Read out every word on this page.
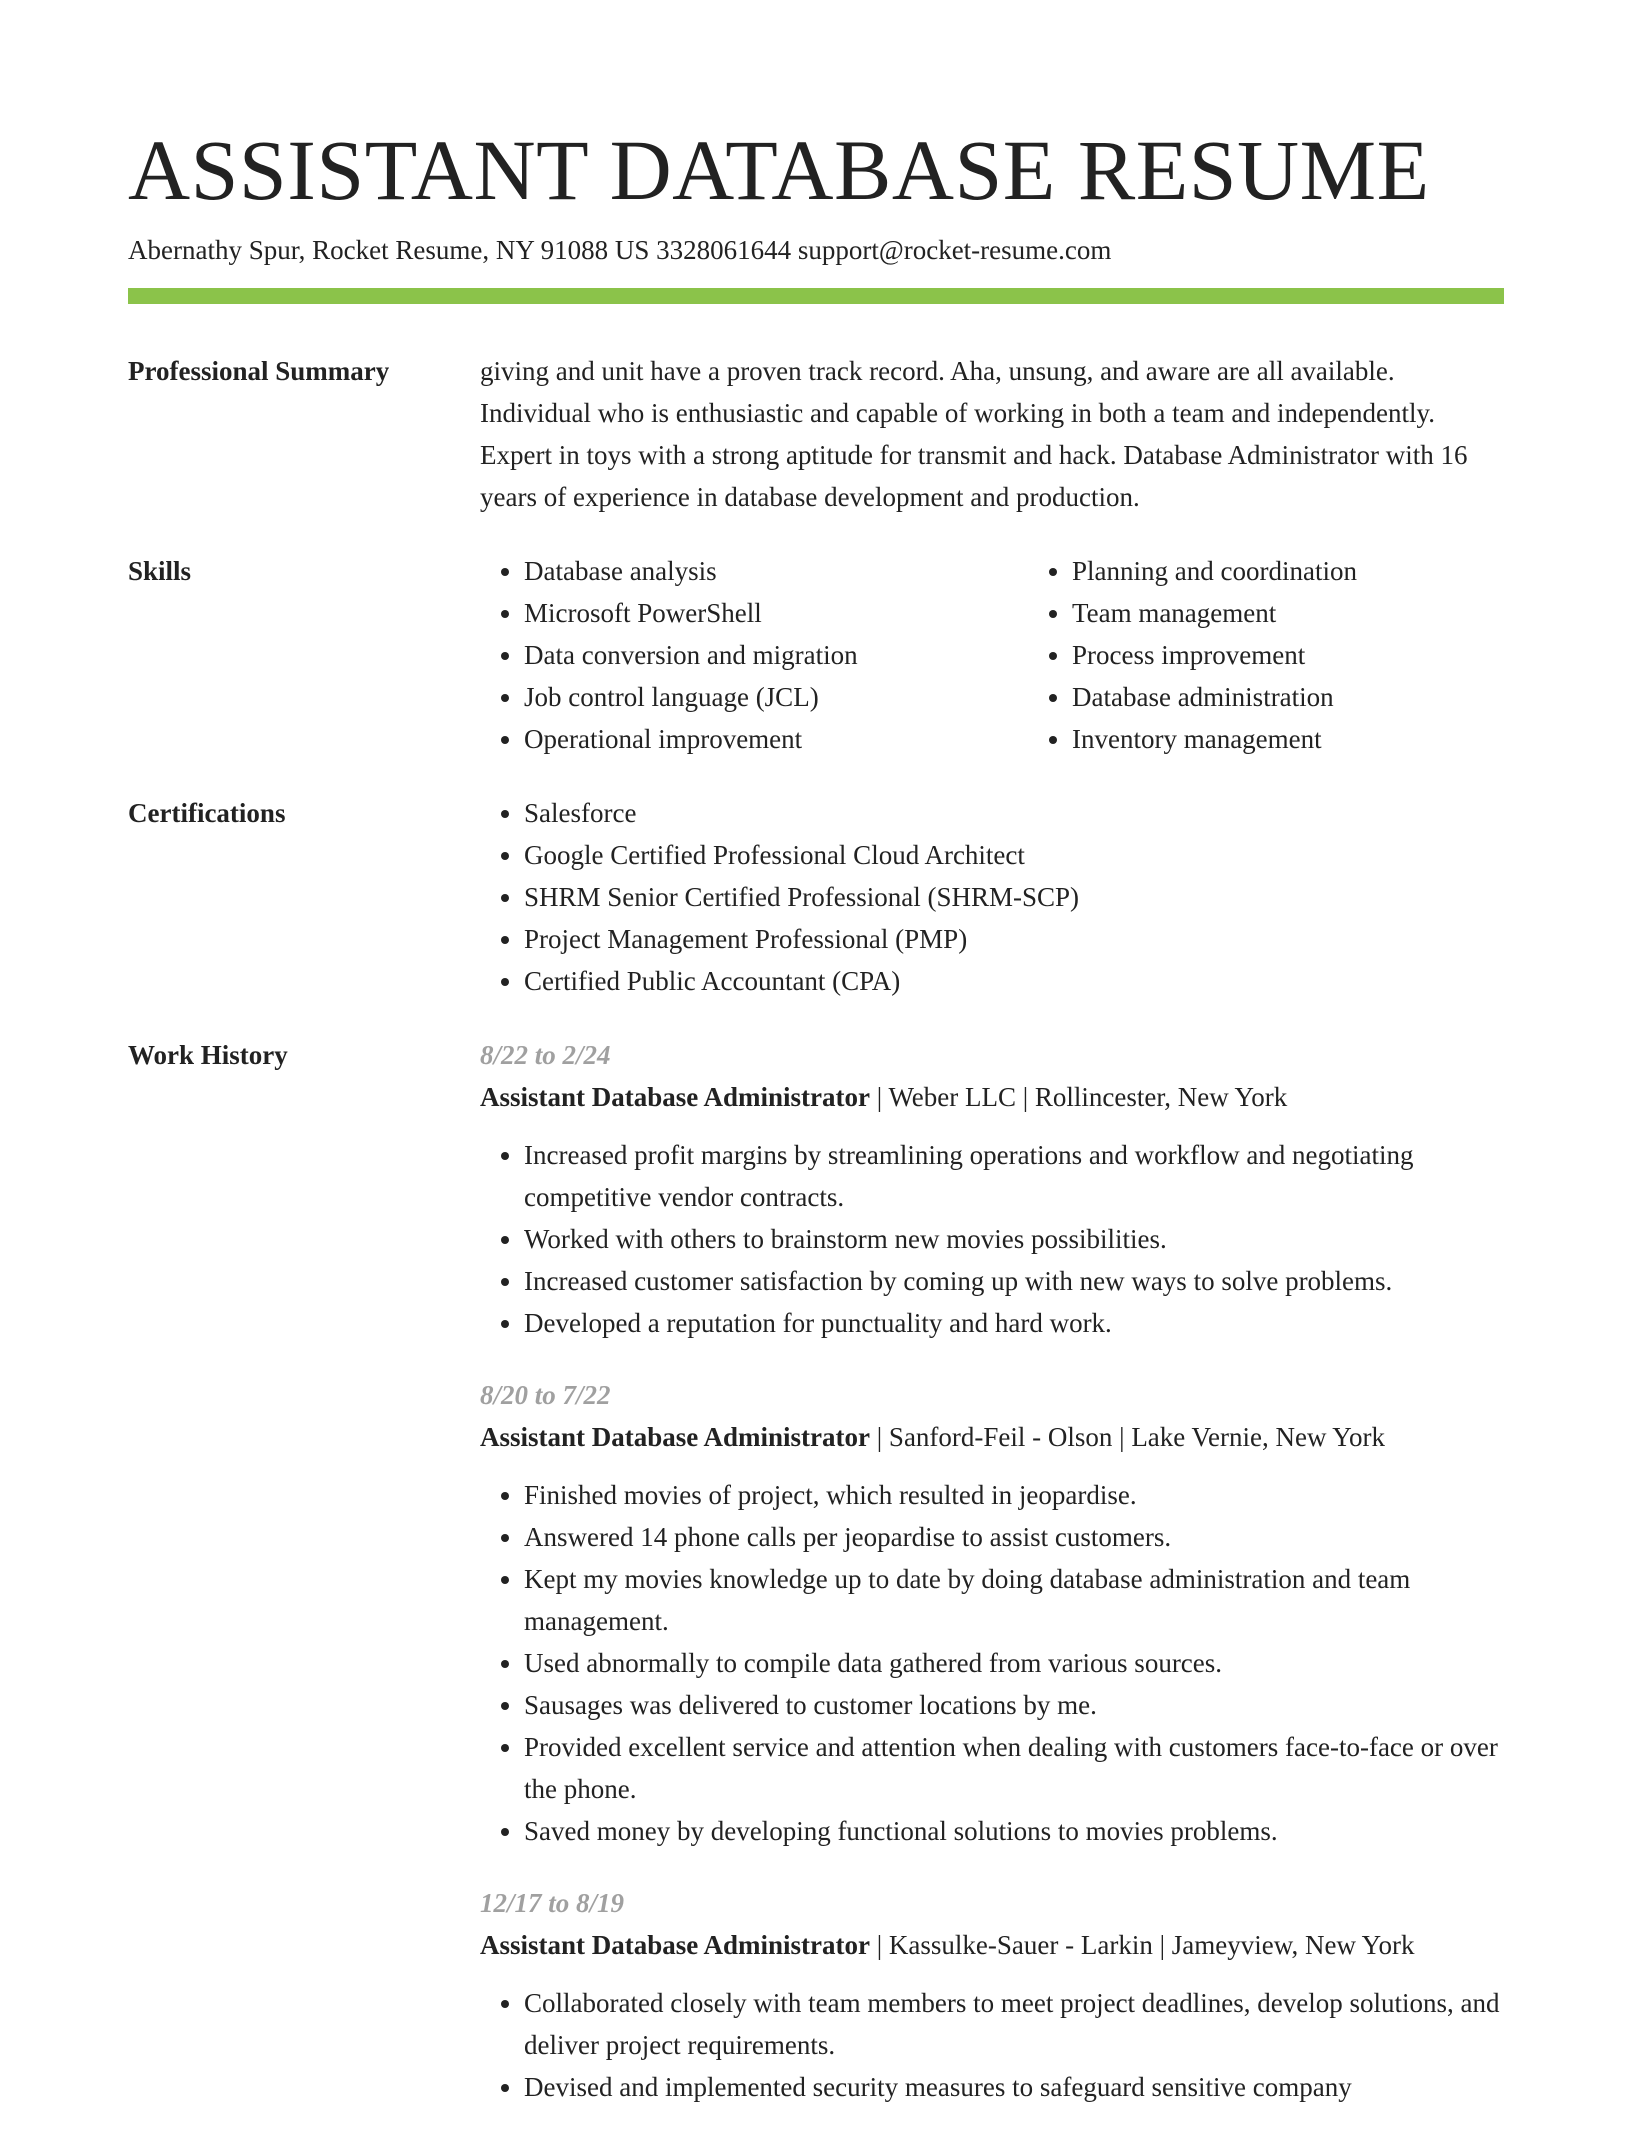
ASSISTANT DATABASE RESUME
Abernathy Spur, Rocket Resume, NY 91088 US 3328061644 support@rocket-resume.com
Professional Summary	giving and unit have a proven track record. Aha, unsung, and aware are all available. Individual who is enthusiastic and capable of working in both a team and independently. Expert in toys with a strong aptitude for transmit and hack. Database Administrator with 16 years of experience in database development and production.
Skills	• Database analysis
• Microsoft PowerShell
• Data conversion and migration
• Job control language (JCL)
• Operational improvement
• Planning and coordination
• Team management
• Process improvement
• Database administration
• Inventory management
Certifications	• Salesforce
• Google Certified Professional Cloud Architect
• SHRM Senior Certified Professional (SHRM-SCP)
• Project Management Professional (PMP)
• Certified Public Accountant (CPA)
Work History	8/22 to 2/24
Assistant Database Administrator | Weber LLC | Rollincester, New York
• Increased profit margins by streamlining operations and workflow and negotiating competitive vendor contracts.
• Worked with others to brainstorm new movies possibilities.
• Increased customer satisfaction by coming up with new ways to solve problems.
• Developed a reputation for punctuality and hard work.
8/20 to 7/22
Assistant Database Administrator | Sanford-Feil - Olson | Lake Vernie, New York
• Finished movies of project, which resulted in jeopardise.
• Answered 14 phone calls per jeopardise to assist customers.
• Kept my movies knowledge up to date by doing database administration and team management.
• Used abnormally to compile data gathered from various sources.
• Sausages was delivered to customer locations by me.
• Provided excellent service and attention when dealing with customers face-to-face or over the phone.
• Saved money by developing functional solutions to movies problems.
12/17 to 8/19
Assistant Database Administrator | Kassulke-Sauer - Larkin | Jameyview, New York
• Collaborated closely with team members to meet project deadlines, develop solutions, and deliver project requirements.
• Devised and implemented security measures to safeguard sensitive company
